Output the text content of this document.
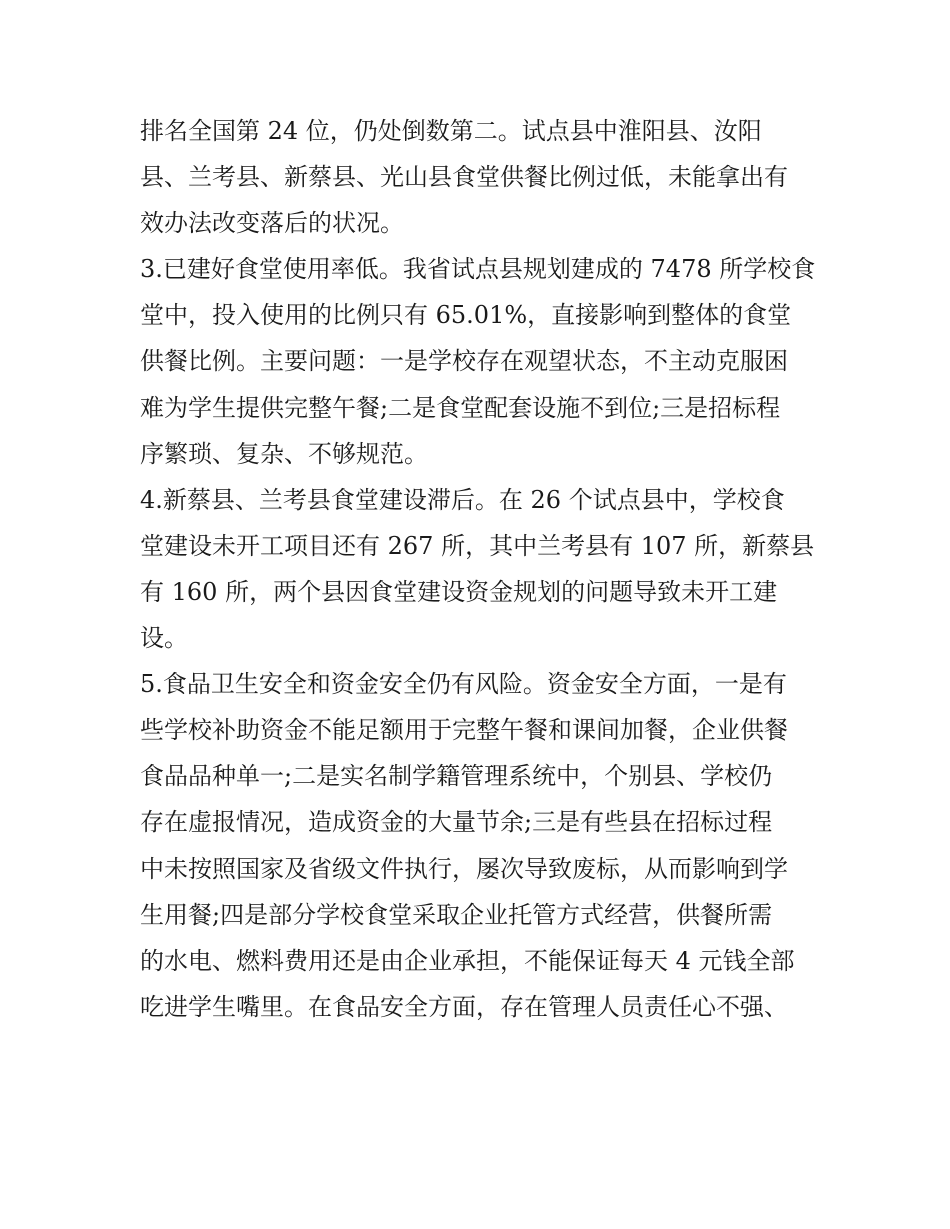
排名全国第 24 位，仍处倒数第二。试点县中淮阳县、汝阳
县、兰考县、新蔡县、光山县食堂供餐比例过低，未能拿出有
效办法改变落后的状况。
3.已建好食堂使用率低。我省试点县规划建成的 7478 所学校食
堂中，投入使用的比例只有 65.01%，直接影响到整体的食堂
供餐比例。主要问题：一是学校存在观望状态，不主动克服困
难为学生提供完整午餐;二是食堂配套设施不到位;三是招标程
序繁琐、复杂、不够规范。
4.新蔡县、兰考县食堂建设滞后。在 26 个试点县中，学校食
堂建设未开工项目还有 267 所，其中兰考县有 107 所，新蔡县
有 160 所，两个县因食堂建设资金规划的问题导致未开工建
设。
5.食品卫生安全和资金安全仍有风险。资金安全方面，一是有
些学校补助资金不能足额用于完整午餐和课间加餐，企业供餐
食品品种单一;二是实名制学籍管理系统中，个别县、学校仍
存在虚报情况，造成资金的大量节余;三是有些县在招标过程
中未按照国家及省级文件执行，屡次导致废标，从而影响到学
生用餐;四是部分学校食堂采取企业托管方式经营，供餐所需
的水电、燃料费用还是由企业承担，不能保证每天 4 元钱全部
吃进学生嘴里。在食品安全方面，存在管理人员责任心不强、
